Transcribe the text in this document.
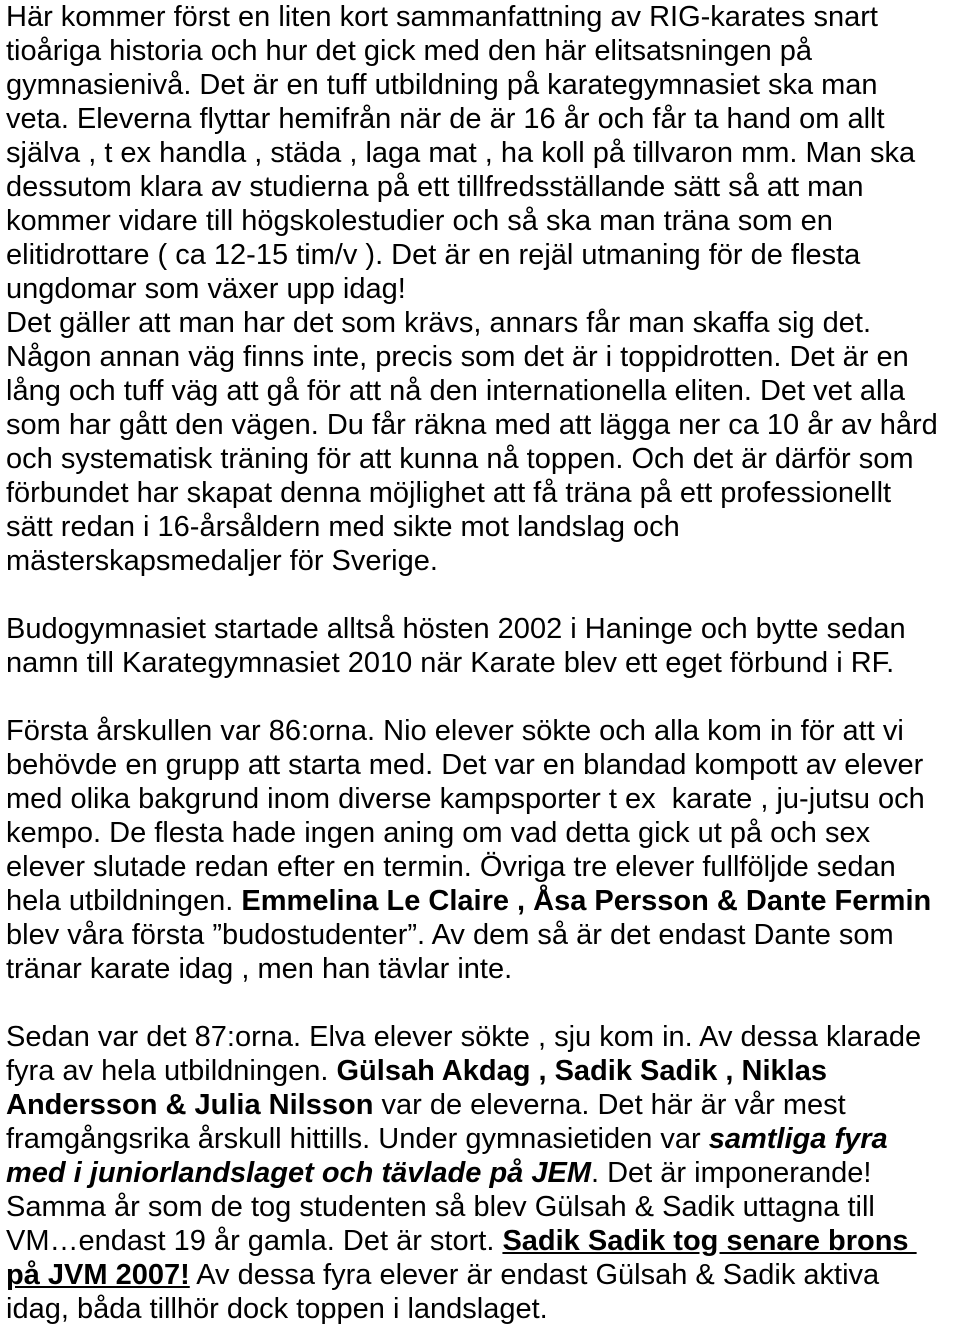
Här kommer först en liten kort sammanfattning av RIG-karates snart
tioåriga historia och hur det gick med den här elitsatsningen på
gymnasienivå. Det är en tuff utbildning på karategymnasiet ska man
veta. Eleverna flyttar hemifrån när de är 16 år och får ta hand om allt
själva , t ex handla , städa , laga mat , ha koll på tillvaron mm. Man ska
dessutom klara av studierna på ett tillfredsställande sätt så att man
kommer vidare till högskolestudier och så ska man träna som en
elitidrottare ( ca 12-15 tim/v ). Det är en rejäl utmaning för de flesta
ungdomar som växer upp idag!
Det gäller att man har det som krävs, annars får man skaffa sig det.
Någon annan väg finns inte, precis som det är i toppidrotten. Det är en
lång och tuff väg att gå för att nå den internationella eliten. Det vet alla
som har gått den vägen. Du får räkna med att lägga ner ca 10 år av hård
och systematisk träning för att kunna nå toppen. Och det är därför som
förbundet har skapat denna möjlighet att få träna på ett professionellt
sätt redan i 16-årsåldern med sikte mot landslag och
mästerskapsmedaljer för Sverige.
Budogymnasiet startade alltså hösten 2002 i Haninge och bytte sedan
namn till Karategymnasiet 2010 när Karate blev ett eget förbund i RF.
Första årskullen var 86:orna. Nio elever sökte och alla kom in för att vi
behövde en grupp att starta med. Det var en blandad kompott av elever
med olika bakgrund inom diverse kampsporter t ex  karate , ju-jutsu och
kempo. De flesta hade ingen aning om vad detta gick ut på och sex
elever slutade redan efter en termin. Övriga tre elever fullföljde sedan
hela utbildningen. Emmelina Le Claire , Åsa Persson & Dante Fermin
blev våra första ”budostudenter”. Av dem så är det endast Dante som
tränar karate idag , men han tävlar inte.
Sedan var det 87:orna. Elva elever sökte , sju kom in. Av dessa klarade
fyra av hela utbildningen. Gülsah Akdag , Sadik Sadik , Niklas
Andersson & Julia Nilsson var de eleverna. Det här är vår mest
framgångsrika årskull hittills. Under gymnasietiden var samtliga fyra
med i juniorlandslaget och tävlade på JEM. Det är imponerande!
Samma år som de tog studenten så blev Gülsah & Sadik uttagna till
VM…endast 19 år gamla. Det är stort. Sadik Sadik tog senare brons
på JVM 2007! Av dessa fyra elever är endast Gülsah & Sadik aktiva
idag, båda tillhör dock toppen i landslaget.
